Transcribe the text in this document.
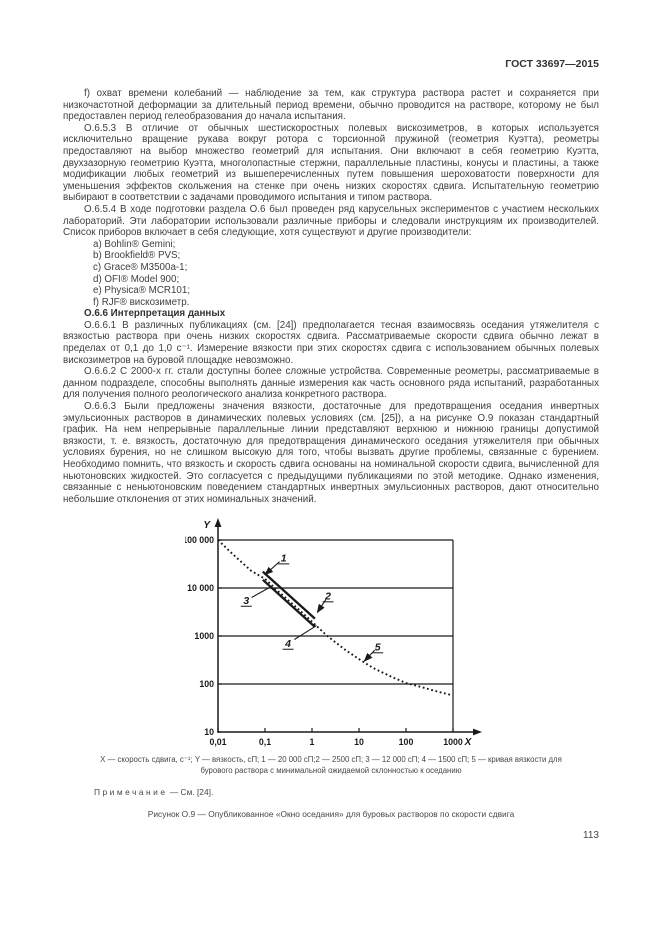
ГОСТ 33697—2015

f) охват времени колебаний — наблюдение за тем, как структура раствора растет и сохраняется при низкочастотной деформации за длительный период времени, обычно проводится на растворе, которому не был предоставлен период гелеобразования до начала испытания.

О.6.5.3 В отличие от обычных шестискоростных полевых вискозиметров, в которых используется исключительно вращение рукава вокруг ротора с торсионной пружиной (геометрия Куэтта), реометры предоставляют на выбор множество геометрий для испытания. Они включают в себя геометрию Куэтта, двухзазорную геометрию Куэтта, многолопастные стержни, параллельные пластины, конусы и пластины, а также модификации любых геометрий из вышеперечисленных путем повышения шероховатости поверхности для уменьшения эффектов скольжения на стенке при очень низких скоростях сдвига. Испытательную геометрию выбирают в соответствии с задачами проводимого испытания и типом раствора.

О.6.5.4 В ходе подготовки раздела О.6 был проведен ряд карусельных экспериментов с участием нескольких лабораторий. Эти лаборатории использовали различные приборы и следовали инструкциям их производителей. Список приборов включает в себя следующие, хотя существуют и другие производители:

a) Bohlin® Gemini;
b) Brookfield® PVS;
c) Grace® M3500a-1;
d) OFI® Model 900;
e) Physica® MCR101;
f) RJF® вискозиметр.

О.6.6 Интерпретация данных

О.6.6.1 В различных публикациях (см. [24]) предполагается тесная взаимосвязь оседания утяжелителя с вязкостью раствора при очень низких скоростях сдвига. Рассматриваемые скорости сдвига обычно лежат в пределах от 0,1 до 1,0 с⁻¹. Измерение вязкости при этих скоростях сдвига с использованием обычных полевых вискозиметров на буровой площадке невозможно.

О.6.6.2 С 2000-х гг. стали доступны более сложные устройства. Современные реометры, рассматриваемые в данном подразделе, способны выполнять данные измерения как часть основного ряда испытаний, разработанных для получения полного реологического анализа конкретного раствора.

О.6.6.3 Были предложены значения вязкости, достаточные для предотвращения оседания инвертных эмульсионных растворов в динамических полевых условиях (см. [25]), а на рисунке О.9 показан стандартный график. На нем непрерывные параллельные линии представляют верхнюю и нижнюю границы допустимой вязкости, т. е. вязкость, достаточную для предотвращения динамического оседания утяжелителя при обычных условиях бурения, но не слишком высокую для того, чтобы вызвать другие проблемы, связанные с бурением. Необходимо помнить, что вязкость и скорость сдвига основаны на номинальной скорости сдвига, вычисленной для ньютоновских жидкостей. Это согласуется с предыдущими публикациями по этой методике. Однако изменения, связанные с неньютоновским поведением стандартных инвертных эмульсионных растворов, дают относительно небольшие отклонения от этих номинальных значений.

100 000
10 000
1000
100
10
0,01	0,1	1	10	100	1000
Y
X
1
2
3
4	5
X — скорость сдвига, с⁻¹; Y — вязкость, сП; 1 — 20 000 сП;2 — 2500 сП; 3 — 12 000 сП; 4 — 1500 сП; 5 — кривая вязкости для
бурового раствора с минимальной ожидаемой склонностью к оседанию
Примечание — См. [24].
Рисунок О.9 — Опубликованное «Окно оседания» для буровых растворов по скорости сдвига
113
